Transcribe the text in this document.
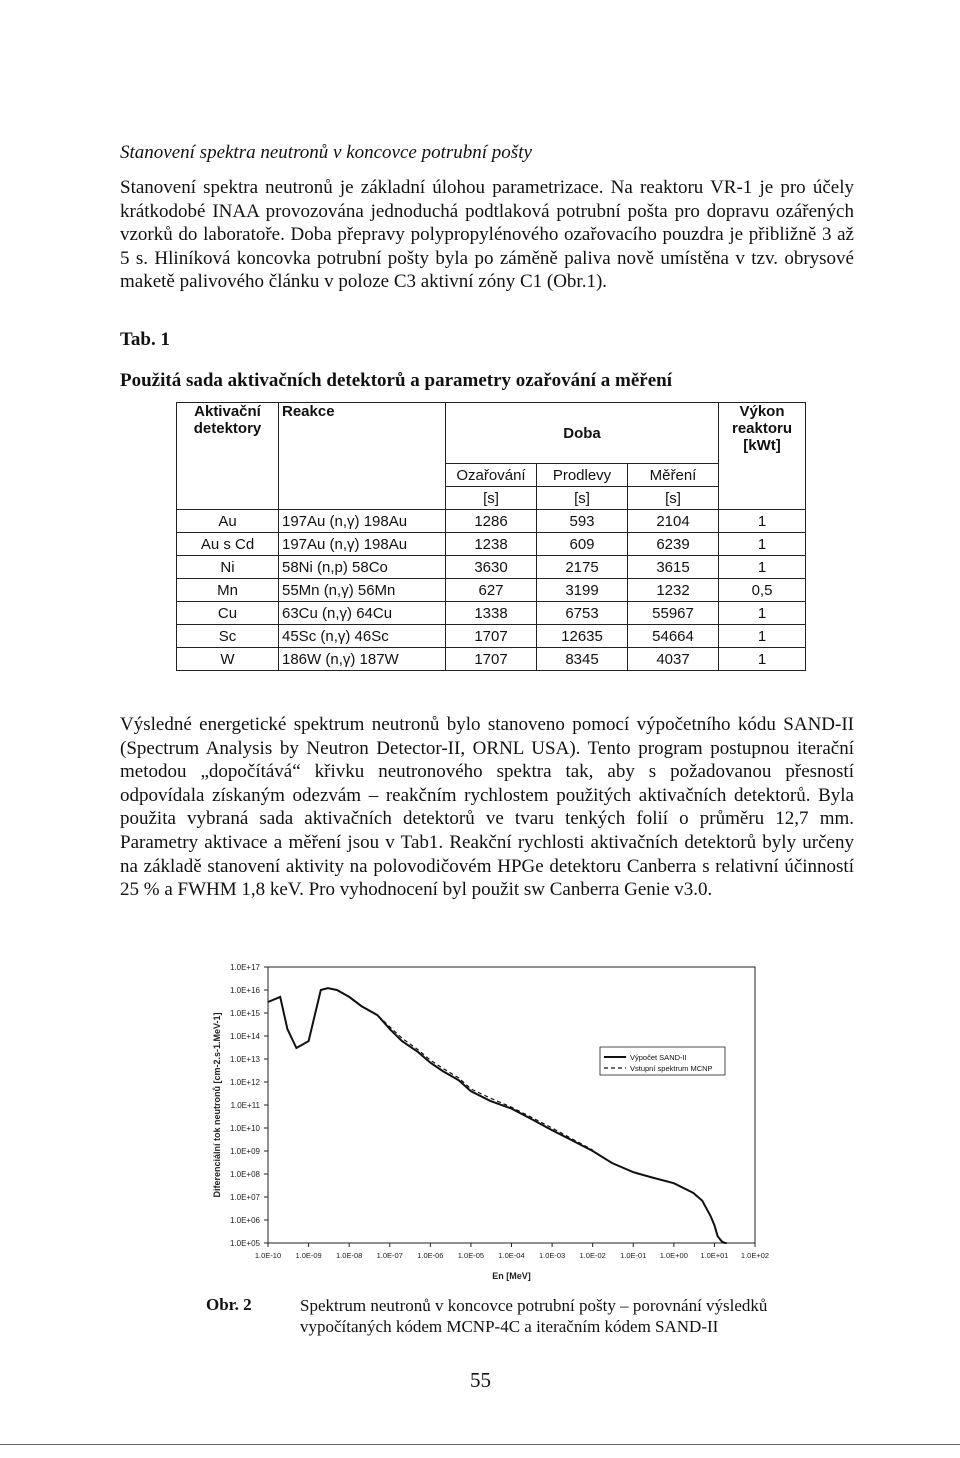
Stanovení spektra neutronů v koncovce potrubní pošty
Stanovení spektra neutronů je základní úlohou parametrizace. Na reaktoru VR-1 je pro účely krátkodobé INAA provozována jednoduchá podtlaková potrubní pošta pro dopravu ozářených vzorků do laboratoře. Doba přepravy polypropylénového ozařovacího pouzdra je přibližně 3 až 5 s. Hliníková koncovka potrubní pošty byla po záměně paliva nově umístěna v tzv. obrysové maketě palivového článku v poloze C3 aktivní zóny C1 (Obr.1).
Tab. 1
Použitá sada aktivačních detektorů a parametry ozařování a měření
Aktivační detektory	Reakce	Doba			Výkon reaktoru [kWt]
		Ozařování	Prodlevy	Měření	
		[s]	[s]	[s]	
Au	197Au (n,γ) 198Au	1286	593	2104	1
Au s Cd	197Au (n,γ) 198Au	1238	609	6239	1
Ni	58Ni (n,p) 58Co	3630	2175	3615	1
Mn	55Mn (n,γ) 56Mn	627	3199	1232	0,5
Cu	63Cu (n,γ) 64Cu	1338	6753	55967	1
Sc	45Sc (n,γ) 46Sc	1707	12635	54664	1
W	186W (n,γ) 187W	1707	8345	4037	1
Výsledné energetické spektrum neutronů bylo stanoveno pomocí výpočetního kódu SAND-II (Spectrum Analysis by Neutron Detector-II, ORNL USA). Tento program postupnou iterační metodou „dopočítává“ křivku neutronového spektra tak, aby s požadovanou přesností odpovídala získaným odezvám – reakčním rychlostem použitých aktivačních detektorů. Byla použita vybraná sada aktivačních detektorů ve tvaru tenkých folií o průměru 12,7 mm. Parametry aktivace a měření jsou v Tab1. Reakční rychlosti aktivačních detektorů byly určeny na základě stanovení aktivity na polovodičovém HPGe detektoru Canberra s relativní účinností 25 % a FWHM 1,8 keV. Pro vyhodnocení byl použit sw Canberra Genie v3.0.
1.0E+05
1.0E+06
1.0E+07
1.0E+08
1.0E+09
1.0E+10
1.0E+11
1.0E+12
1.0E+13
1.0E+14
1.0E+15
1.0E+16
1.0E+17
1.0E-10 1.0E-09 1.0E-08 1.0E-07 1.0E-06 1.0E-05 1.0E-04 1.0E-03 1.0E-02 1.0E-01 1.0E+00 1.0E+01 1.0E+02
En [MeV]
Diferenciální tok neutronů [cm-2.s-1.MeV-1]	Výpočet SAND-II
Vstupní spektrum MCNP
Obr. 2	Spektrum neutronů v koncovce potrubní pošty – porovnání výsledků vypočítaných kódem MCNP-4C a iteračním kódem SAND-II
55
